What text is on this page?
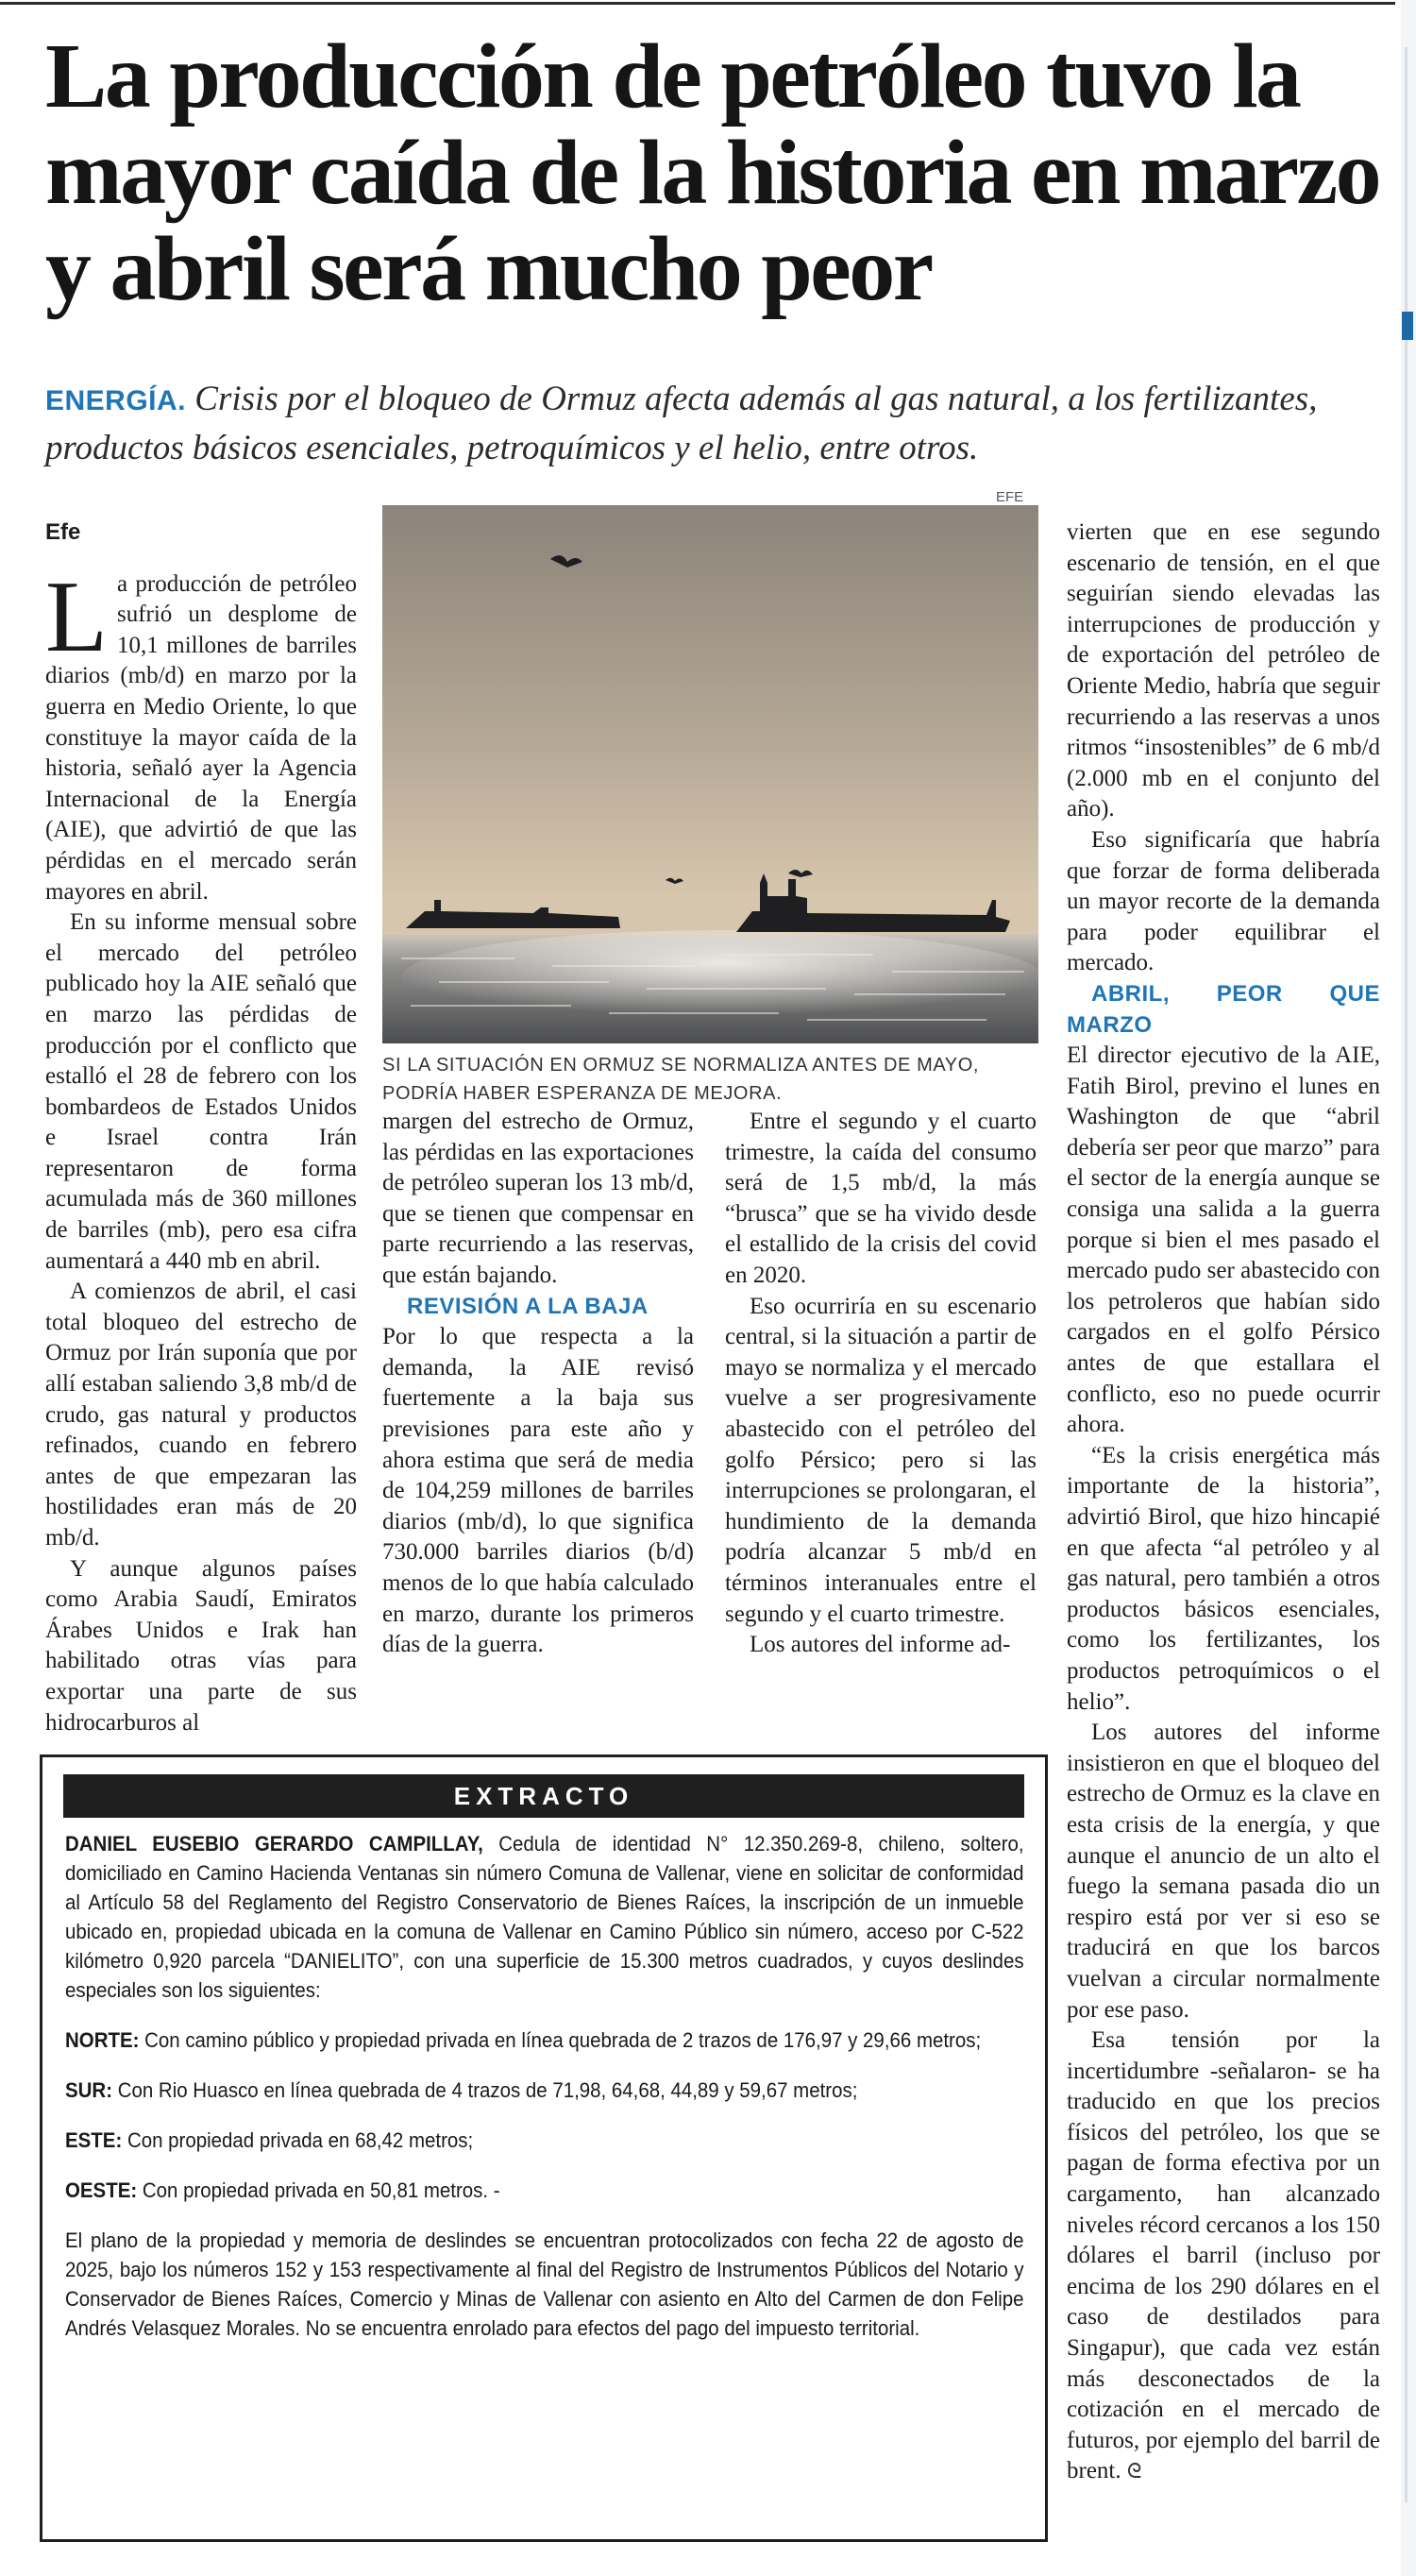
La producción de petróleo tuvo la mayor caída de la historia en marzo y abril será mucho peor

ENERGÍA. Crisis por el bloqueo de Ormuz afecta además al gas natural, a los fertilizantes, productos básicos esenciales, petroquímicos y el helio, entre otros.

Efe

La producción de petróleo sufrió un desplome de 10,1 millones de barriles diarios (mb/d) en marzo por la guerra en Medio Oriente, lo que constituye la mayor caída de la historia, señaló ayer la Agencia Internacional de la Energía (AIE), que advirtió de que las pérdidas en el mercado serán mayores en abril.

En su informe mensual sobre el mercado del petróleo publicado hoy la AIE señaló que en marzo las pérdidas de producción por el conflicto que estalló el 28 de febrero con los bombardeos de Estados Unidos e Israel contra Irán representaron de forma acumulada más de 360 millones de barriles (mb), pero esa cifra aumentará a 440 mb en abril.

A comienzos de abril, el casi total bloqueo del estrecho de Ormuz por Irán suponía que por allí estaban saliendo 3,8 mb/d de crudo, gas natural y productos refinados, cuando en febrero antes de que empezaran las hostilidades eran más de 20 mb/d.

Y aunque algunos países como Arabia Saudí, Emiratos Árabes Unidos e Irak han habilitado otras vías para exportar una parte de sus hidrocarburos al

EFE

SI LA SITUACIÓN EN ORMUZ SE NORMALIZA ANTES DE MAYO, PODRÍA HABER ESPERANZA DE MEJORA.

margen del estrecho de Ormuz, las pérdidas en las exportaciones de petróleo superan los 13 mb/d, que se tienen que compensar en parte recurriendo a las reservas, que están bajando.

REVISIÓN A LA BAJA

Por lo que respecta a la demanda, la AIE revisó fuertemente a la baja sus previsiones para este año y ahora estima que será de media de 104,259 millones de barriles diarios (mb/d), lo que significa 730.000 barriles diarios (b/d) menos de lo que había calculado en marzo, durante los primeros días de la guerra.

Entre el segundo y el cuarto trimestre, la caída del consumo será de 1,5 mb/d, la más “brusca” que se ha vivido desde el estallido de la crisis del covid en 2020.

Eso ocurriría en su escenario central, si la situación a partir de mayo se normaliza y el mercado vuelve a ser progresivamente abastecido con el petróleo del golfo Pérsico; pero si las interrupciones se prolongaran, el hundimiento de la demanda podría alcanzar 5 mb/d en términos interanuales entre el segundo y el cuarto trimestre.

Los autores del informe ad-

vierten que en ese segundo escenario de tensión, en el que seguirían siendo elevadas las interrupciones de producción y de exportación del petróleo de Oriente Medio, habría que seguir recurriendo a las reservas a unos ritmos “insostenibles” de 6 mb/d (2.000 mb en el conjunto del año).

Eso significaría que habría que forzar de forma deliberada un mayor recorte de la demanda para poder equilibrar el mercado.

ABRIL, PEOR QUE MARZO

El director ejecutivo de la AIE, Fatih Birol, previno el lunes en Washington de que “abril debería ser peor que marzo” para el sector de la energía aunque se consiga una salida a la guerra porque si bien el mes pasado el mercado pudo ser abastecido con los petroleros que habían sido cargados en el golfo Pérsico antes de que estallara el conflicto, eso no puede ocurrir ahora.

“Es la crisis energética más importante de la historia”, advirtió Birol, que hizo hincapié en que afecta “al petróleo y al gas natural, pero también a otros productos básicos esenciales, como los fertilizantes, los productos petroquímicos o el helio”.

Los autores del informe insistieron en que el bloqueo del estrecho de Ormuz es la clave en esta crisis de la energía, y que aunque el anuncio de un alto el fuego la semana pasada dio un respiro está por ver si eso se traducirá en que los barcos vuelvan a circular normalmente por ese paso.

Esa tensión por la incertidumbre -señalaron- se ha traducido en que los precios físicos del petróleo, los que se pagan de forma efectiva por un cargamento, han alcanzado niveles récord cercanos a los 150 dólares el barril (incluso por encima de los 290 dólares en el caso de destilados para Singapur), que cada vez están más desconectados de la cotización en el mercado de futuros, por ejemplo del barril de brent. ᘓ

EXTRACTO

DANIEL EUSEBIO GERARDO CAMPILLAY, Cedula de identidad N° 12.350.269-8, chileno, soltero, domiciliado en Camino Hacienda Ventanas sin número Comuna de Vallenar, viene en solicitar de conformidad al Artículo 58 del Reglamento del Registro Conservatorio de Bienes Raíces, la inscripción de un inmueble ubicado en, propiedad ubicada en la comuna de Vallenar en Camino Público sin número, acceso por C-522 kilómetro 0,920 parcela “DANIELITO”, con una superficie de 15.300 metros cuadrados, y cuyos deslindes especiales son los siguientes:

NORTE: Con camino público y propiedad privada en línea quebrada de 2 trazos de 176,97 y 29,66 metros;

SUR: Con Rio Huasco en línea quebrada de 4 trazos de 71,98, 64,68, 44,89 y 59,67 metros;

ESTE: Con propiedad privada en 68,42 metros;

OESTE: Con propiedad privada en 50,81 metros. -

El plano de la propiedad y memoria de deslindes se encuentran protocolizados con fecha 22 de agosto de 2025, bajo los números 152 y 153 respectivamente al final del Registro de Instrumentos Públicos del Notario y Conservador de Bienes Raíces, Comercio y Minas de Vallenar con asiento en Alto del Carmen de don Felipe Andrés Velasquez Morales. No se encuentra enrolado para efectos del pago del impuesto territorial.
